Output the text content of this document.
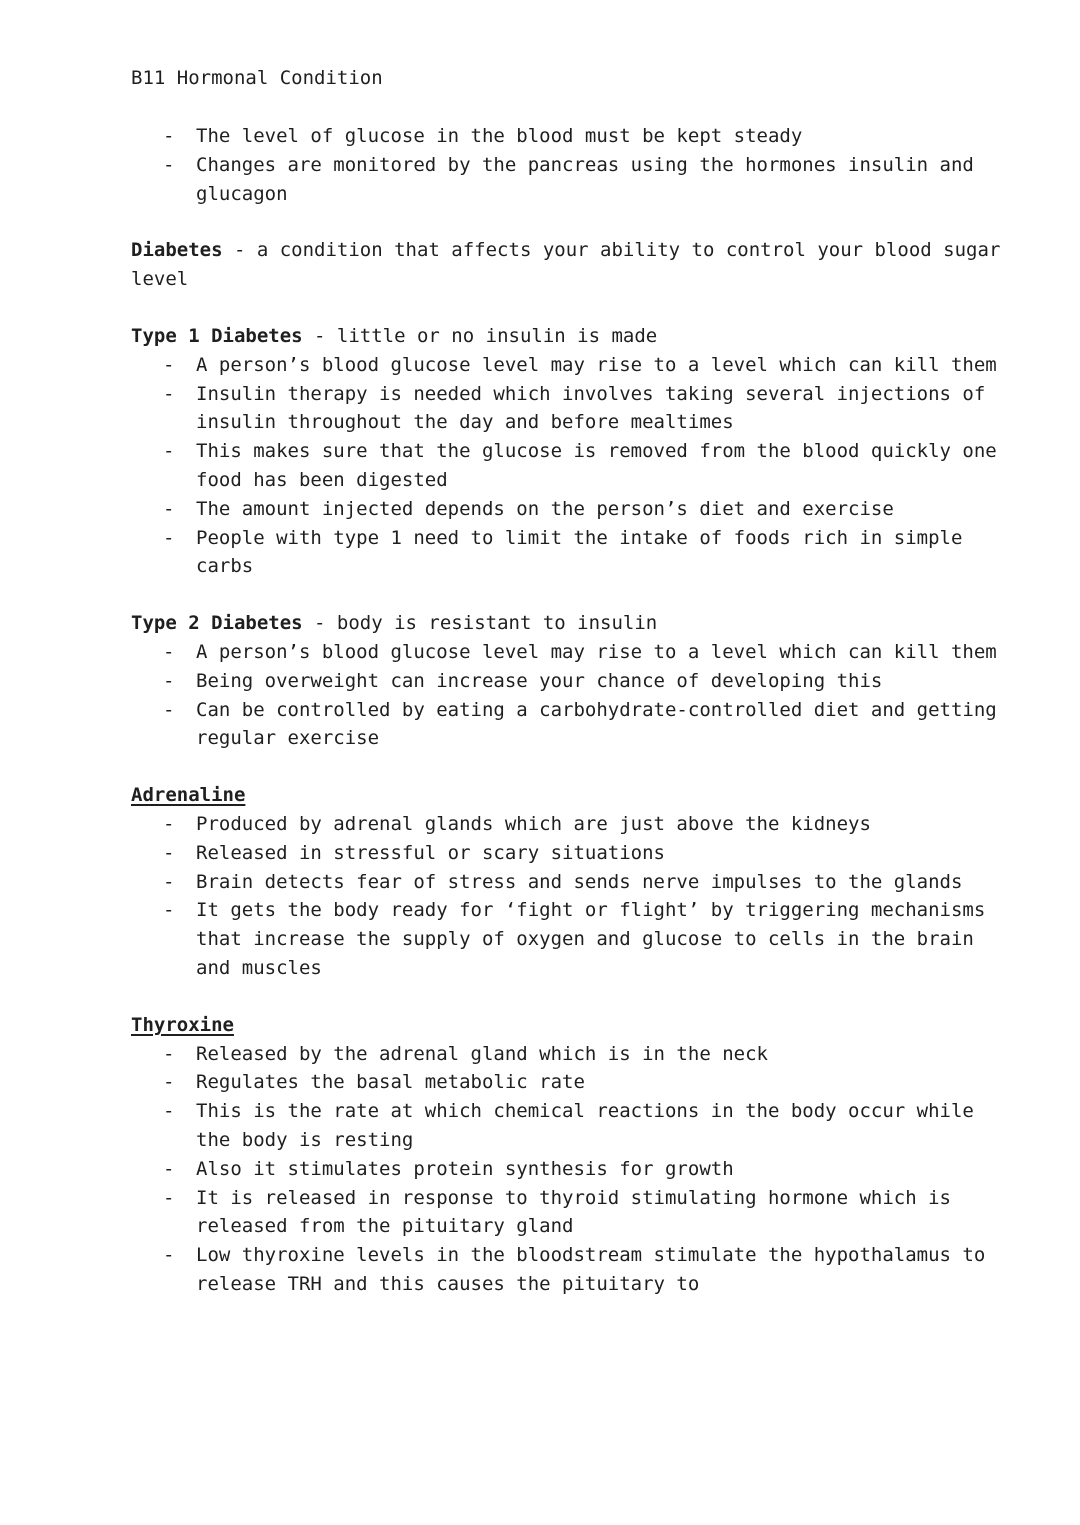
B11 Hormonal Condition
- The level of glucose in the blood must be kept steady
- Changes are monitored by the pancreas using the hormones insulin and glucagon

Diabetes - a condition that affects your ability to control your blood sugar level

Type 1 Diabetes - little or no insulin is made

- A person’s blood glucose level may rise to a level which can kill them
- Insulin therapy is needed which involves taking several injections of insulin throughout the day and before mealtimes
- This makes sure that the glucose is removed from the blood quickly one food has been digested
- The amount injected depends on the person’s diet and exercise
- People with type 1 need to limit the intake of foods rich in simple carbs

Type 2 Diabetes - body is resistant to insulin

- A person’s blood glucose level may rise to a level which can kill them
- Being overweight can increase your chance of developing this
- Can be controlled by eating a carbohydrate-controlled diet and getting regular exercise

Adrenaline

- Produced by adrenal glands which are just above the kidneys
- Released in stressful or scary situations
- Brain detects fear of stress and sends nerve impulses to the glands
- It gets the body ready for ‘fight or flight’ by triggering mechanisms that increase the supply of oxygen and glucose to cells in the brain and muscles

Thyroxine

- Released by the adrenal gland which is in the neck
- Regulates the basal metabolic rate
- This is the rate at which chemical reactions in the body occur while the body is resting
- Also it stimulates protein synthesis for growth
- It is released in response to thyroid stimulating hormone which is released from the pituitary gland
- Low thyroxine levels in the bloodstream stimulate the hypothalamus to release TRH and this causes the pituitary to
